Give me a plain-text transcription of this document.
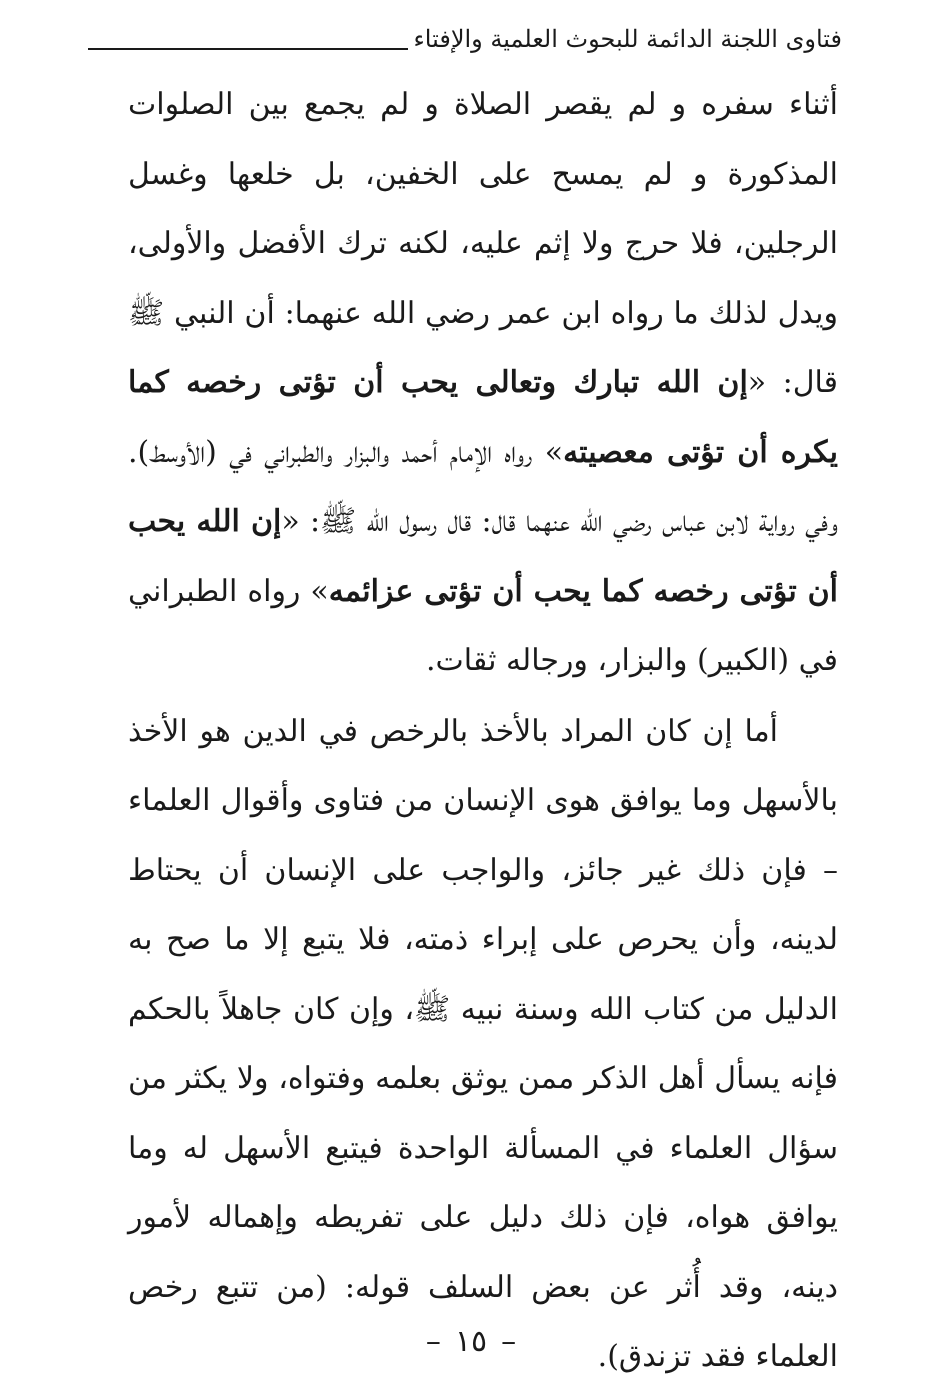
فتاوى اللجنة الدائمة للبحوث العلمية والإفتاء

أثناء سفره و لم يقصر الصلاة و لم يجمع بين الصلوات المذكورة و لم يمسح على الخفين، بل خلعها وغسل الرجلين، فلا حرج ولا إثم عليه، لكنه ترك الأفضل والأولى، ويدل لذلك ما رواه ابن عمر رضي الله عنهما: أن النبي ﷺ قال: «إن الله تبارك وتعالى يحب أن تؤتى رخصه كما يكره أن تؤتى معصيته» رواه الإمام أحمد والبزار والطبراني في (الأوسط). وفي رواية لابن عباس رضي الله عنهما قال: قال رسول الله ﷺ: «إن الله يحب أن تؤتى رخصه كما يحب أن تؤتى عزائمه» رواه الطبراني في (الكبير) والبزار، ورجاله ثقات.

أما إن كان المراد بالأخذ بالرخص في الدين هو الأخذ بالأسهل وما يوافق هوى الإنسان من فتاوى وأقوال العلماء – فإن ذلك غير جائز، والواجب على الإنسان أن يحتاط لدينه، وأن يحرص على إبراء ذمته، فلا يتبع إلا ما صح به الدليل من كتاب الله وسنة نبيه ﷺ، وإن كان جاهلاً بالحكم فإنه يسأل أهل الذكر ممن يوثق بعلمه وفتواه، ولا يكثر من سؤال العلماء في المسألة الواحدة فيتبع الأسهل له وما يوافق هواه، فإن ذلك دليل على تفريطه وإهماله لأمور دينه، وقد أُثر عن بعض السلف قوله: (من تتبع رخص العلماء فقد تزندق).

–١٥–
